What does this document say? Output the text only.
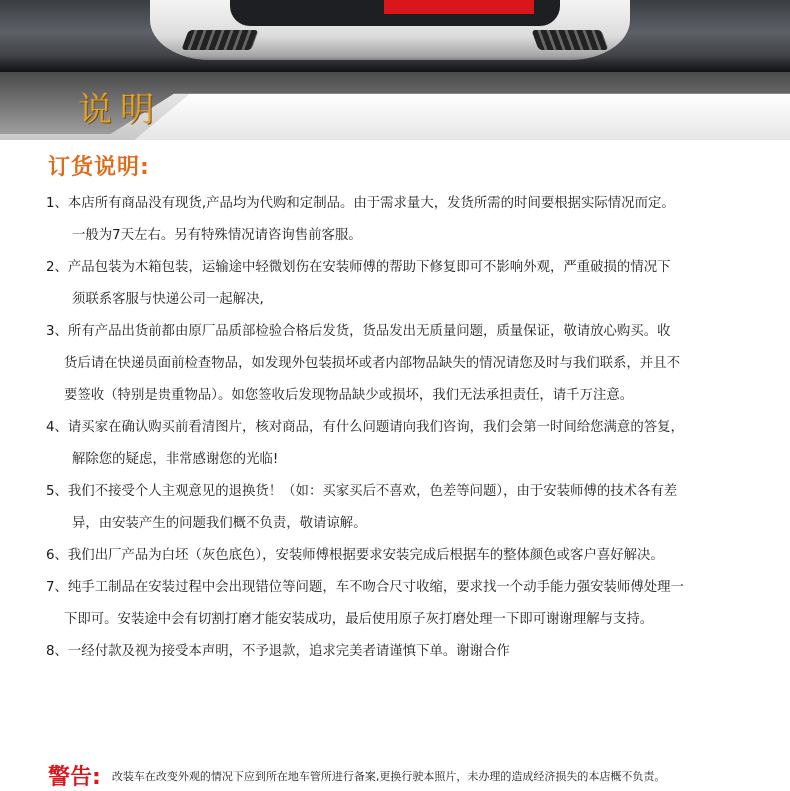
说明
订货说明:
1、本店所有商品没有现货,产品均为代购和定制品。由于需求量大，发货所需的时间要根据实际情况而定。
一般为7天左右。另有特殊情况请咨询售前客服。
2、产品包装为木箱包装，运输途中轻微划伤在安装师傅的帮助下修复即可不影响外观，严重破损的情况下
须联系客服与快递公司一起解决,
3、所有产品出货前都由原厂品质部检验合格后发货，货品发出无质量问题，质量保证，敬请放心购买。收
货后请在快递员面前检查物品，如发现外包装损坏或者内部物品缺失的情况请您及时与我们联系，并且不
要签收（特别是贵重物品）。如您签收后发现物品缺少或损坏，我们无法承担责任，请千万注意。
4、请买家在确认购买前看清图片，核对商品，有什么问题请向我们咨询，我们会第一时间给您满意的答复，
解除您的疑虑，非常感谢您的光临!
5、我们不接受个人主观意见的退换货！（如：买家买后不喜欢，色差等问题），由于安装师傅的技术各有差
异，由安装产生的问题我们概不负责，敬请谅解。
6、我们出厂产品为白坯（灰色底色），安装师傅根据要求安装完成后根据车的整体颜色或客户喜好解决。
7、纯手工制品在安装过程中会出现错位等问题，车不吻合尺寸收缩，要求找一个动手能力强安装师傅处理一
下即可。安装途中会有切割打磨才能安装成功，最后使用原子灰打磨处理一下即可谢谢理解与支持。
8、一经付款及视为接受本声明，不予退款，追求完美者请谨慎下单。谢谢合作
警告: 改装车在改变外观的情况下应到所在地车管所进行备案,更换行驶本照片，未办理的造成经济损失的本店概不负责。
